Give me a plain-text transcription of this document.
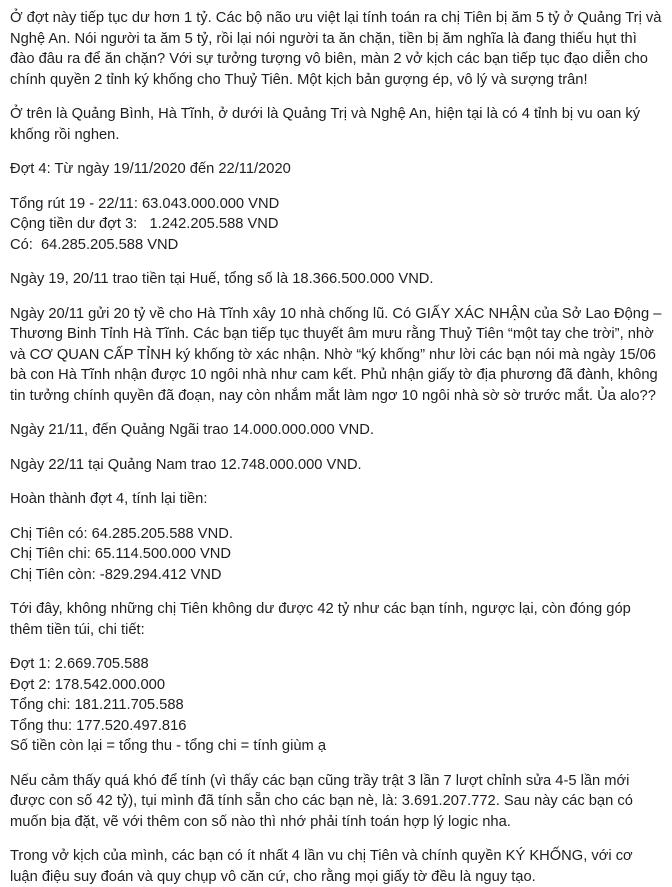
Ở đợt này tiếp tục dư hơn 1 tỷ. Các bộ não ưu việt lại tính toán ra chị Tiên bị ăm 5 tỷ ở Quảng Trị và Nghệ An. Nói người ta ăm 5 tỷ, rồi lại nói người ta ăn chặn, tiền bị ăm nghĩa là đang thiếu hụt thì đào đâu ra để ăn chặn? Với sự tưởng tượng vô biên, màn 2 vở kịch các bạn tiếp tục đạo diễn cho chính quyền 2 tỉnh ký khống cho Thuỷ Tiên. Một kịch bản gượng ép, vô lý và sượng trân!

Ở trên là Quảng Bình, Hà Tĩnh, ở dưới là Quảng Trị và Nghệ An, hiện tại là có 4 tỉnh bị vu oan ký khống rồi nghen.

Đợt 4: Từ ngày 19/11/2020 đến 22/11/2020

Tổng rút 19 - 22/11: 63.043.000.000 VND
Cộng tiền dư đợt 3:   1.242.205.588 VND
Có:  64.285.205.588 VND

Ngày 19, 20/11 trao tiền tại Huế, tổng số là 18.366.500.000 VND.

Ngày 20/11 gửi 20 tỷ về cho Hà Tĩnh xây 10 nhà chống lũ. Có GIẤY XÁC NHẬN của Sở Lao Động – Thương Binh Tỉnh Hà Tĩnh. Các bạn tiếp tục thuyết âm mưu rằng Thuỷ Tiên “một tay che trời”, nhờ và CƠ QUAN CẤP TỈNH ký khống tờ xác nhận. Nhờ “ký khống” như lời các bạn nói mà ngày 15/06 bà con Hà Tĩnh nhận được 10 ngôi nhà như cam kết. Phủ nhận giấy tờ địa phương đã đành, không tin tưởng chính quyền đã đoạn, nay còn nhắm mắt làm ngơ 10 ngôi nhà sờ sờ trước mắt. Ủa alo??

Ngày 21/11, đến Quảng Ngãi trao 14.000.000.000 VND.

Ngày 22/11 tại Quảng Nam trao 12.748.000.000 VND.

Hoàn thành đợt 4, tính lại tiền:

Chị Tiên có: 64.285.205.588 VND.
Chị Tiên chi: 65.114.500.000 VND
Chị Tiên còn: -829.294.412 VND

Tới đây, không những chị Tiên không dư được 42 tỷ như các bạn tính, ngược lại, còn đóng góp thêm tiền túi, chi tiết:

Đợt 1: 2.669.705.588
Đợt 2: 178.542.000.000
Tổng chi: 181.211.705.588
Tổng thu: 177.520.497.816
Số tiền còn lại = tổng thu - tổng chi = tính giùm ạ

Nếu cảm thấy quá khó để tính (vì thấy các bạn cũng trầy trật 3 lần 7 lượt chỉnh sửa 4-5 lần mới được con số 42 tỷ), tụi mình đã tính sẵn cho các bạn nè, là: 3.691.207.772. Sau này các bạn có muốn bịa đặt, vẽ với thêm con số nào thì nhớ phải tính toán hợp lý logic nha.

Trong vở kịch của mình, các bạn có ít nhất 4 lần vu chị Tiên và chính quyền KÝ KHỐNG, với cơ luận điệu suy đoán và quy chụp vô căn cứ, cho rằng mọi giấy tờ đều là nguy tạo.
